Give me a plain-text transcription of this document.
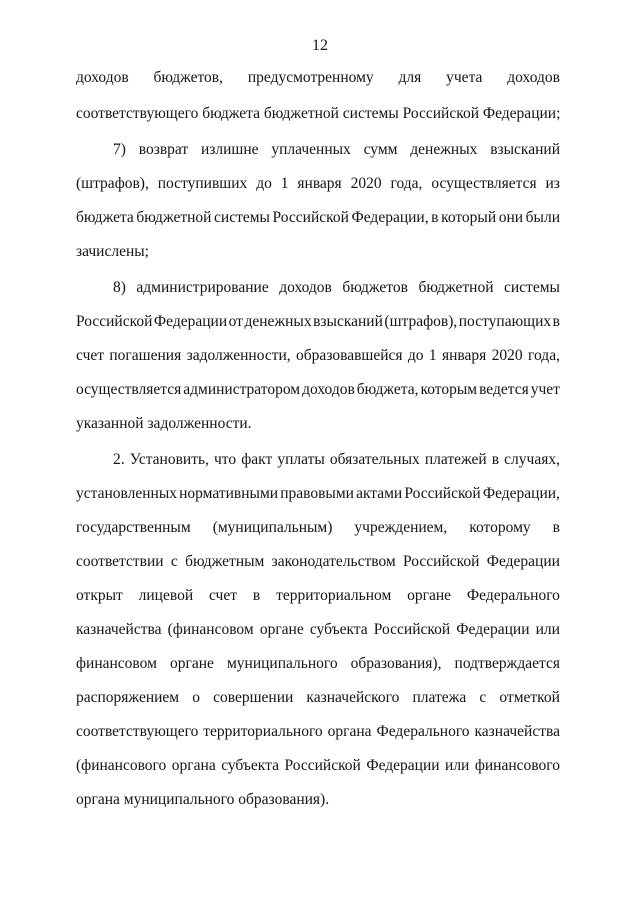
12
доходов бюджетов, предусмотренному для учета доходов
соответствующего бюджета бюджетной системы Российской Федерации;
7) возврат излишне уплаченных сумм денежных взысканий
(штрафов), поступивших до 1 января 2020 года, осуществляется из
бюджета бюджетной системы Российской Федерации, в который они были
зачислены;
8) администрирование доходов бюджетов бюджетной системы
Российской Федерации от денежных взысканий (штрафов), поступающих в
счет погашения задолженности, образовавшейся до 1 января 2020 года,
осуществляется администратором доходов бюджета, которым ведется учет
указанной задолженности.
2. Установить, что факт уплаты обязательных платежей в случаях,
установленных нормативными правовыми актами Российской Федерации,
государственным (муниципальным) учреждением, которому в
соответствии с бюджетным законодательством Российской Федерации
открыт лицевой счет в территориальном органе Федерального
казначейства (финансовом органе субъекта Российской Федерации или
финансовом органе муниципального образования), подтверждается
распоряжением о совершении казначейского платежа с отметкой
соответствующего территориального органа Федерального казначейства
(финансового органа субъекта Российской Федерации или финансового
органа муниципального образования).
